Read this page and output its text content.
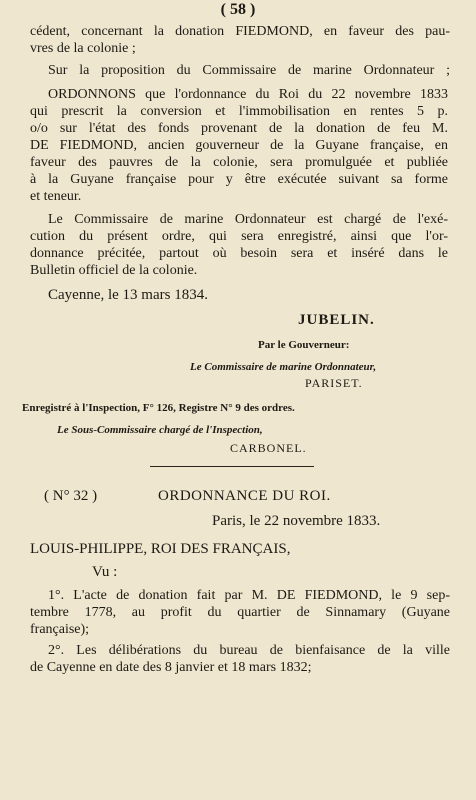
( 58 )
cédent, concernant la donation FIEDMOND, en faveur des pau-
vres de la colonie ;
Sur la proposition du Commissaire de marine Ordonnateur ;
ORDONNONS que l'ordonnance du Roi du 22 novembre 1833
qui prescrit la conversion et l'immobilisation en rentes 5 p.
o/o sur l'état des fonds provenant de la donation de feu M.
DE FIEDMOND, ancien gouverneur de la Guyane française, en
faveur des pauvres de la colonie, sera promulguée et publiée
à la Guyane française pour y être exécutée suivant sa forme
et teneur.
Le Commissaire de marine Ordonnateur est chargé de l'exé-
cution du présent ordre, qui sera enregistré, ainsi que l'or-
donnance précitée, partout où besoin sera et inséré dans le
Bulletin officiel de la colonie.
Cayenne, le 13 mars 1834.
JUBELIN.
Par le Gouverneur:
Le Commissaire de marine Ordonnateur,
PARISET.
Enregistré à l'Inspection, F° 126, Registre N° 9 des ordres.
Le Sous-Commissaire chargé de l'Inspection,
CARBONEL.
( N° 32 )	ORDONNANCE DU ROI.
Paris, le 22 novembre 1833.
LOUIS-PHILIPPE, ROI DES FRANÇAIS,
Vu :
1°. L'acte de donation fait par M. DE FIEDMOND, le 9 sep-
tembre 1778, au profit du quartier de Sinnamary (Guyane
française);
2°. Les délibérations du bureau de bienfaisance de la ville
de Cayenne en date des 8 janvier et 18 mars 1832;
